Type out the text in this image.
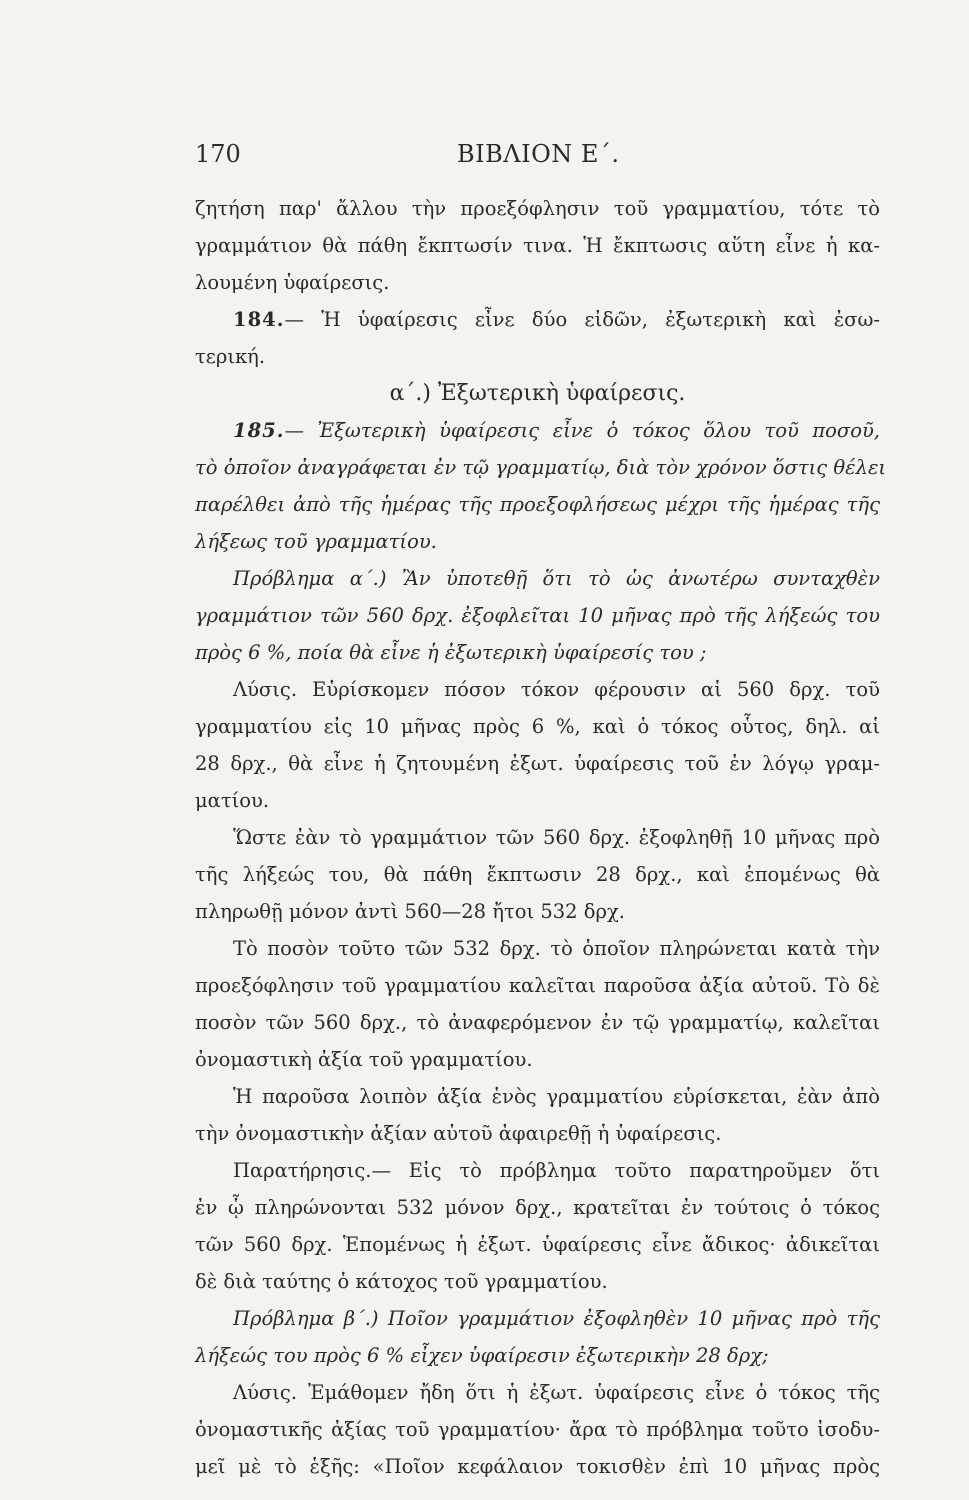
170	ΒΙΒΛΙΟΝ Ε΄.
ζητήση παρ' ἄλλου τὴν προεξόφλησιν τοῦ γραμματίου, τότε τὸ
γραμμάτιον θὰ πάθη ἔκπτωσίν τινα. Ἡ ἔκπτωσις αὕτη εἶνε ἡ κα-
λουμένη ὑφαίρεσις.
184.— Ἡ ὑφαίρεσις εἶνε δύο εἰδῶν, ἐξωτερικὴ καὶ ἐσω-
τερική.
α΄.) Ἐξωτερικὴ ὑφαίρεσις.
185.— Ἐξωτερικὴ ὑφαίρεσις εἶνε ὁ τόκος ὅλου τοῦ ποσοῦ,
τὸ ὁποῖον ἀναγράφεται ἐν τῷ γραμματίῳ, διὰ τὸν χρόνον ὅστις θέλει
παρέλθει ἀπὸ τῆς ἡμέρας τῆς προεξοφλήσεως μέχρι τῆς ἡμέρας τῆς
λήξεως τοῦ γραμματίου.
Πρόβλημα α΄.) Ἂν ὑποτεθῇ ὅτι τὸ ὡς ἀνωτέρω συνταχθὲν
γραμμάτιον τῶν 560 δρχ. ἐξοφλεῖται 10 μῆνας πρὸ τῆς λήξεώς του
πρὸς 6 %, ποία θὰ εἶνε ἡ ἐξωτερικὴ ὑφαίρεσίς του ;
Λύσις. Εὑρίσκομεν πόσον τόκον φέρουσιν αἱ 560 δρχ. τοῦ
γραμματίου εἰς 10 μῆνας πρὸς 6 %, καὶ ὁ τόκος οὗτος, δηλ. αἱ
28 δρχ., θὰ εἶνε ἡ ζητουμένη ἐξωτ. ὑφαίρεσις τοῦ ἐν λόγῳ γραμ-
ματίου.
Ὥστε ἐὰν τὸ γραμμάτιον τῶν 560 δρχ. ἐξοφληθῇ 10 μῆνας πρὸ
τῆς λήξεώς του, θὰ πάθη ἔκπτωσιν 28 δρχ., καὶ ἑπομένως θὰ
πληρωθῇ μόνον ἀντὶ 560—28 ἤτοι 532 δρχ.
Τὸ ποσὸν τοῦτο τῶν 532 δρχ. τὸ ὁποῖον πληρώνεται κατὰ τὴν
προεξόφλησιν τοῦ γραμματίου καλεῖται παροῦσα ἀξία αὐτοῦ. Τὸ δὲ
ποσὸν τῶν 560 δρχ., τὸ ἀναφερόμενον ἐν τῷ γραμματίῳ, καλεῖται
ὀνομαστικὴ ἀξία τοῦ γραμματίου.
Ἡ παροῦσα λοιπὸν ἀξία ἑνὸς γραμματίου εὑρίσκεται, ἐὰν ἀπὸ
τὴν ὀνομαστικὴν ἀξίαν αὐτοῦ ἀφαιρεθῇ ἡ ὑφαίρεσις.
Παρατήρησις.— Εἰς τὸ πρόβλημα τοῦτο παρατηροῦμεν ὅτι
ἐν ᾧ πληρώνονται 532 μόνον δρχ., κρατεῖται ἐν τούτοις ὁ τόκος
τῶν 560 δρχ. Ἑπομένως ἡ ἐξωτ. ὑφαίρεσις εἶνε ἄδικος· ἀδικεῖται
δὲ διὰ ταύτης ὁ κάτοχος τοῦ γραμματίου.
Πρόβλημα β΄.) Ποῖον γραμμάτιον ἐξοφληθὲν 10 μῆνας πρὸ τῆς
λήξεώς του πρὸς 6 % εἶχεν ὑφαίρεσιν ἐξωτερικὴν 28 δρχ;
Λύσις. Ἐμάθομεν ἤδη ὅτι ἡ ἐξωτ. ὑφαίρεσις εἶνε ὁ τόκος τῆς
ὀνομαστικῆς ἀξίας τοῦ γραμματίου· ἄρα τὸ πρόβλημα τοῦτο ἰσοδυ-
μεῖ μὲ τὸ ἑξῆς: «Ποῖον κεφάλαιον τοκισθὲν ἐπὶ 10 μῆνας πρὸς
